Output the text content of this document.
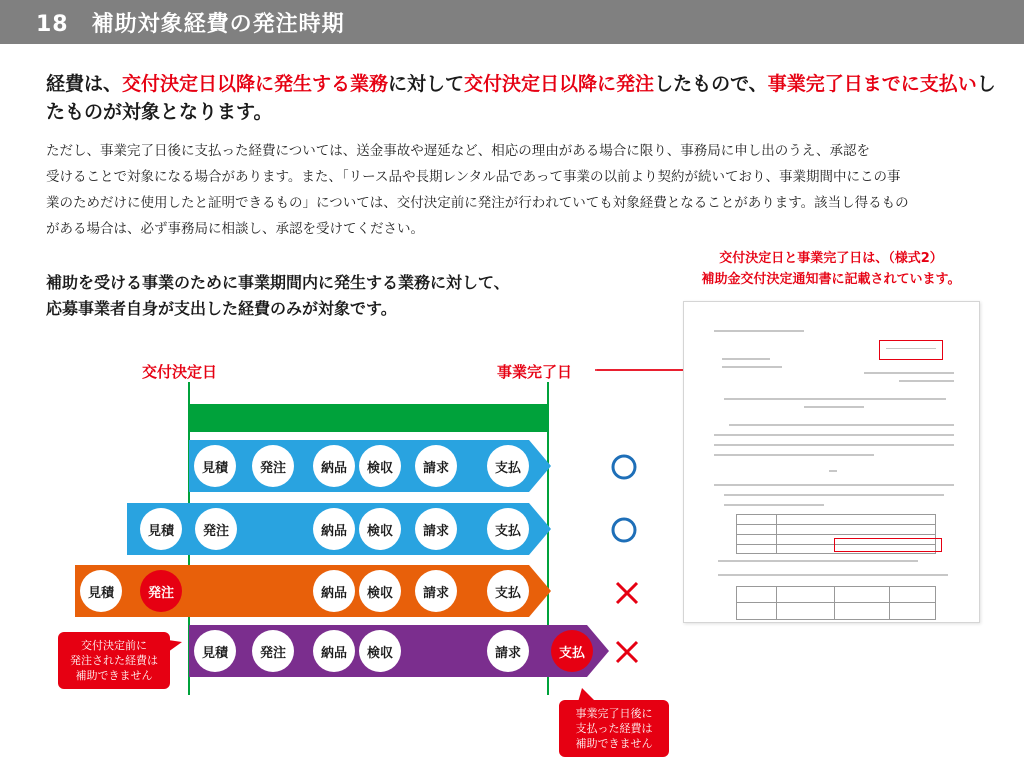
18　補助対象経費の発注時期
経費は、交付決定日以降に発生する業務に対して交付決定日以降に発注したもので、事業完了日までに支払いしたものが対象となります。
ただし、事業完了日後に支払った経費については、送金事故や遅延など、相応の理由がある場合に限り、事務局に申し出のうえ、承認を
受けることで対象になる場合があります。また、「リース品や長期レンタル品であって事業の以前より契約が続いており、事業期間中にこの事
業のためだけに使用したと証明できるもの」については、交付決定前に発注が行われていても対象経費となることがあります。該当し得るもの
がある場合は、必ず事務局に相談し、承認を受けてください。
補助を受ける事業のために事業期間内に発生する業務に対して、
応募事業者自身が支出した経費のみが対象です。
交付決定日と事業完了日は、（様式2）
補助金交付決定通知書に記載されています。
交付決定日	事業完了日
見積	発注	納品	検収	請求	支払
見積	発注	納品	検収	請求	支払
見積	発注	納品	検収	請求	支払
見積	発注	納品	検収	請求	支払
交付決定前に
発注された経費は
補助できません
事業完了日後に
支払った経費は
補助できません
